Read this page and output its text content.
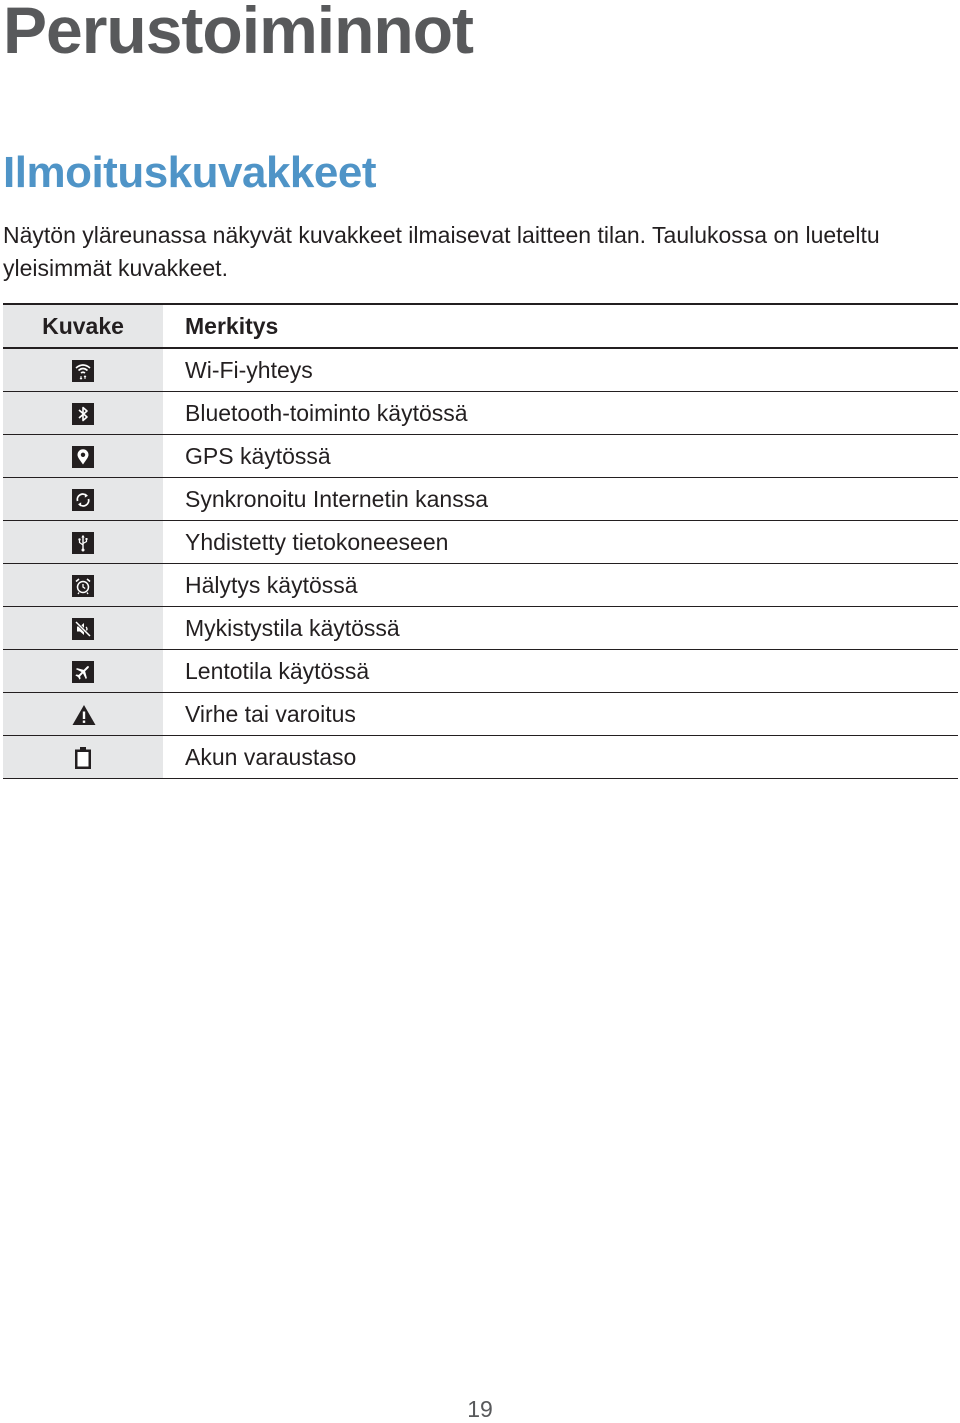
Perustoiminnot
Ilmoituskuvakkeet

Näytön yläreunassa näkyvät kuvakkeet ilmaisevat laitteen tilan. Taulukossa on lueteltu yleisimmät kuvakkeet.

Kuvake	Merkitys

	Wi-Fi-yhteys

	Bluetooth-toiminto käytössä

	GPS käytössä

	Synkronoitu Internetin kanssa

	Yhdistetty tietokoneeseen

	Hälytys käytössä

	Mykistystila käytössä

	Lentotila käytössä

	Virhe tai varoitus

	Akun varaustaso
19
